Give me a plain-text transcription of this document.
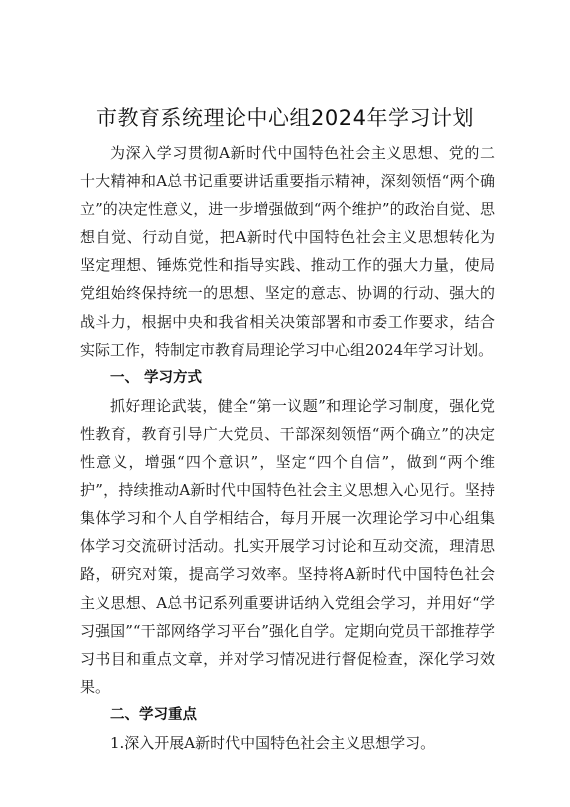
市教育系统理论中心组2024年学习计划

为深入学习贯彻A新时代中国特色社会主义思想、党的二十大精神和A总书记重要讲话重要指示精神，深刻领悟“两个确立”的决定性意义，进一步增强做到“两个维护”的政治自觉、思想自觉、行动自觉，把A新时代中国特色社会主义思想转化为坚定理想、锤炼党性和指导实践、推动工作的强大力量，使局党组始终保持统一的思想、坚定的意志、协调的行动、强大的战斗力，根据中央和我省相关决策部署和市委工作要求，结合实际工作，特制定市教育局理论学习中心组2024年学习计划。

一、 学习方式

抓好理论武装，健全“第一议题”和理论学习制度，强化党性教育，教育引导广大党员、干部深刻领悟“两个确立”的决定性意义，增强“四个意识”，坚定“四个自信”，做到“两个维护”，持续推动A新时代中国特色社会主义思想入心见行。坚持集体学习和个人自学相结合，每月开展一次理论学习中心组集体学习交流研讨活动。扎实开展学习讨论和互动交流，理清思路，研究对策，提高学习效率。坚持将A新时代中国特色社会主义思想、A总书记系列重要讲话纳入党组会学习，并用好“学习强国”“干部网络学习平台”强化自学。定期向党员干部推荐学习书目和重点文章，并对学习情况进行督促检查，深化学习效果。

二、学习重点

1.深入开展A新时代中国特色社会主义思想学习。
